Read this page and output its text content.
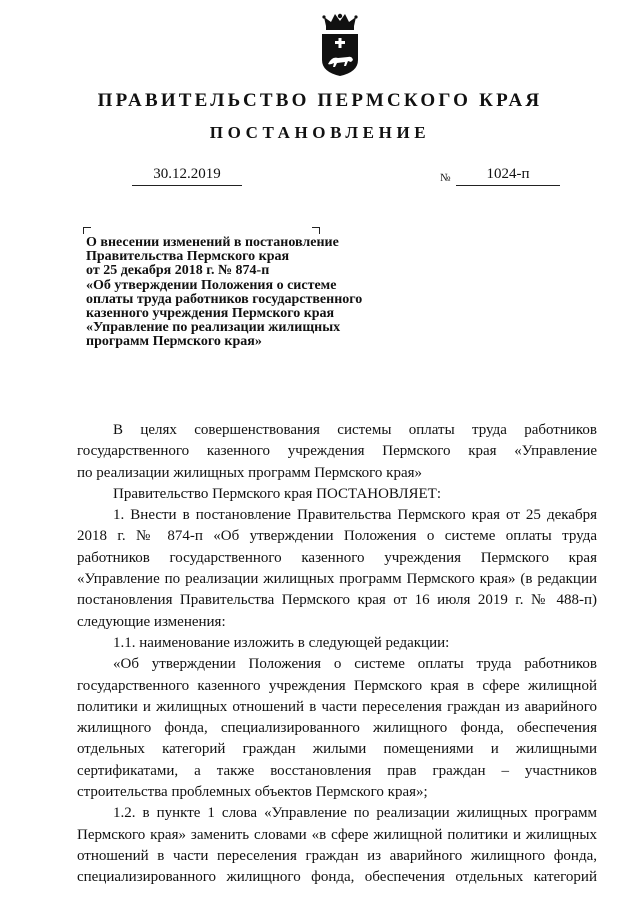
ПРАВИТЕЛЬСТВО ПЕРМСКОГО КРАЯ
ПОСТАНОВЛЕНИЕ
30.12.2019	№	1024-п
О внесении изменений в постановление
Правительства Пермского края
от 25 декабря 2018 г. № 874-п
«Об утверждении Положения о системе
оплаты труда работников государственного
казенного учреждения Пермского края
«Управление по реализации жилищных
программ Пермского края»
В целях совершенствования системы оплаты труда работников
государственного казенного учреждения Пермского края «Управление
по реализации жилищных программ Пермского края»
Правительство Пермского края ПОСТАНОВЛЯЕТ:
1. Внести в постановление Правительства Пермского края от 25 декабря
2018 г. № 874-п «Об утверждении Положения о системе оплаты труда
работников государственного казенного учреждения Пермского края
«Управление по реализации жилищных программ Пермского края» (в редакции
постановления Правительства Пермского края от 16 июля 2019 г. № 488-п)
следующие изменения:
1.1. наименование изложить в следующей редакции:
«Об утверждении Положения о системе оплаты труда работников
государственного казенного учреждения Пермского края в сфере жилищной
политики и жилищных отношений в части переселения граждан из аварийного
жилищного фонда, специализированного жилищного фонда, обеспечения
отдельных категорий граждан жилыми помещениями и жилищными
сертификатами, а также восстановления прав граждан – участников
строительства проблемных объектов Пермского края»;
1.2. в пункте 1 слова «Управление по реализации жилищных программ
Пермского края» заменить словами «в сфере жилищной политики и жилищных
отношений в части переселения граждан из аварийного жилищного фонда,
специализированного жилищного фонда, обеспечения отдельных категорий
